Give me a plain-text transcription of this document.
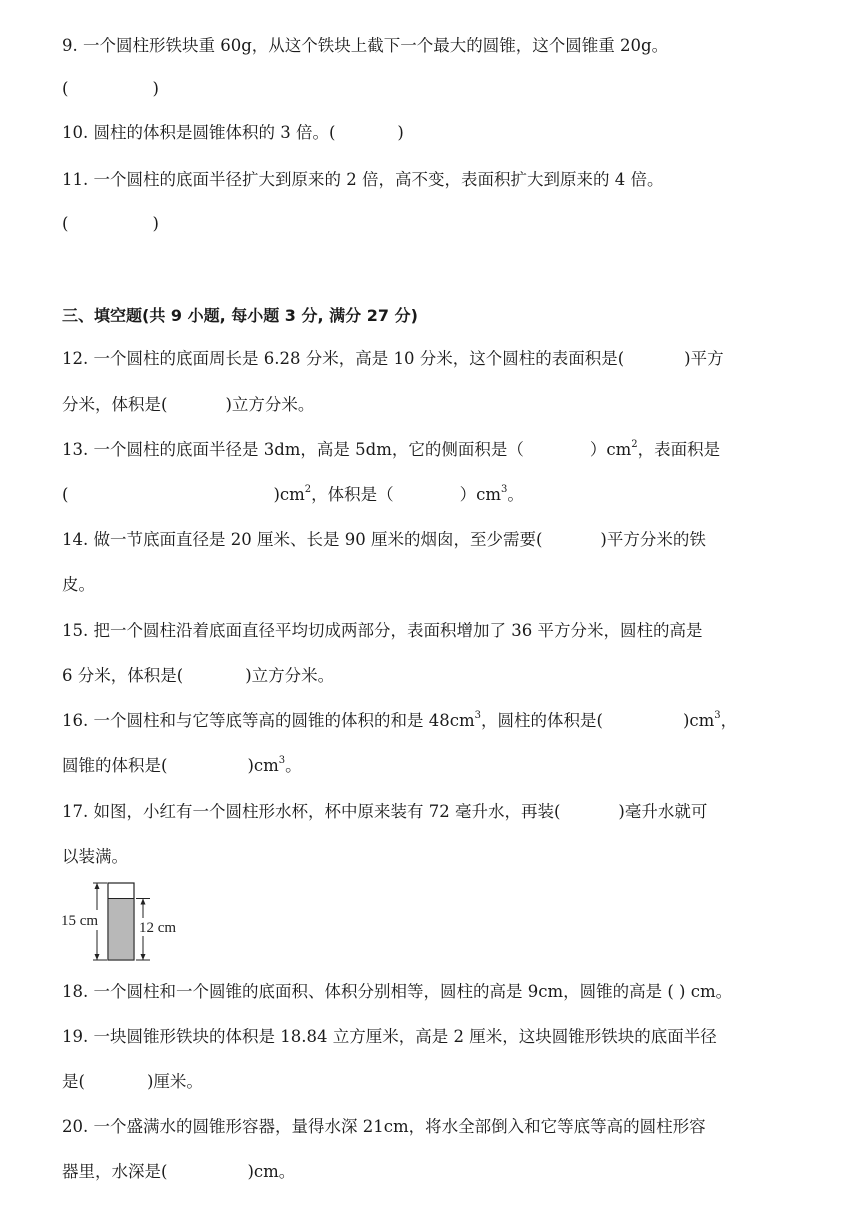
9. 一个圆柱形铁块重 60g，从这个铁块上截下一个最大的圆锥，这个圆锥重 20g。
(	)
10. 圆柱的体积是圆锥体积的 3 倍。(	)
11. 一个圆柱的底面半径扩大到原来的 2 倍，高不变，表面积扩大到原来的 4 倍。
(	)
三、填空题(共 9 小题, 每小题 3 分, 满分 27 分)
12. 一个圆柱的底面周长是 6.28 分米，高是 10 分米，这个圆柱的表面积是(	)平方
分米，体积是(	)立方分米。
13. 一个圆柱的底面半径是 3dm，高是 5dm，它的侧面积是（	）$cm^2$，表面积是
(	)$cm^2$，体积是（	）$cm^3$。
14. 做一节底面直径是 20 厘米、长是 90 厘米的烟囱，至少需要(	)平方分米的铁
皮。
15. 把一个圆柱沿着底面直径平均切成两部分，表面积增加了 36 平方分米，圆柱的高是
6 分米，体积是(	)立方分米。
16. 一个圆柱和与它等底等高的圆锥的体积的和是 $48cm^3$，圆柱的体积是(	)$cm^3$，
圆锥的体积是(	)$cm^3$。
17. 如图，小红有一个圆柱形水杯，杯中原来装有 72 毫升水，再装(	)毫升水就可
以装满。
15 cm	12 cm
18. 一个圆柱和一个圆锥的底面积、体积分别相等，圆柱的高是 9cm，圆锥的高是 ( ) cm。
19. 一块圆锥形铁块的体积是 18.84 立方厘米，高是 2 厘米，这块圆锥形铁块的底面半径
是(	)厘米。
20. 一个盛满水的圆锥形容器，量得水深 21cm，将水全部倒入和它等底等高的圆柱形容
器里，水深是(	)cm。
